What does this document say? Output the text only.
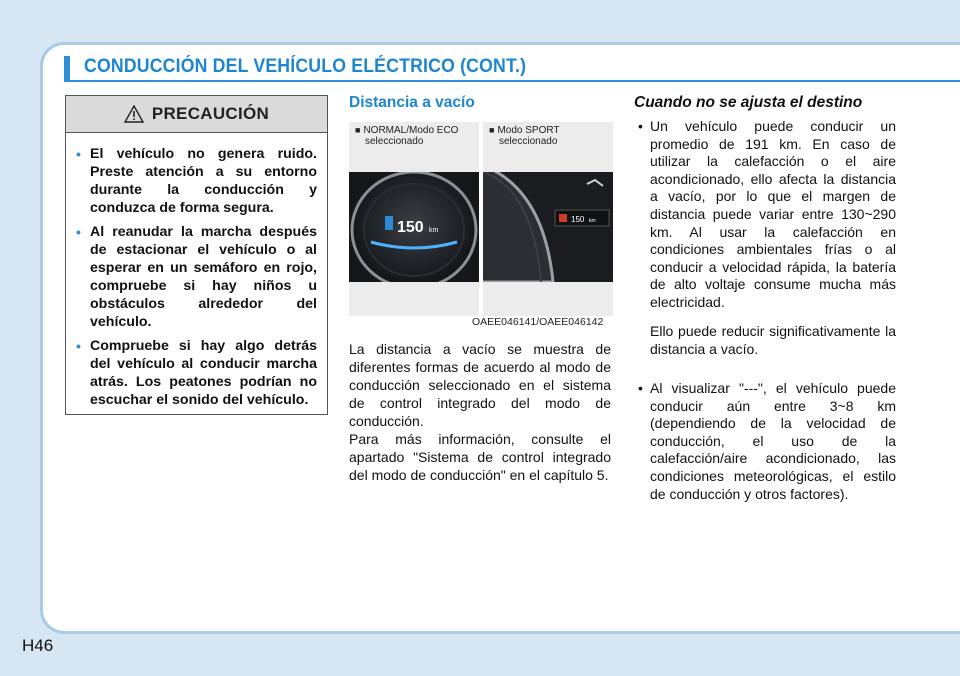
CONDUCCIÓN DEL VEHÍCULO ELÉCTRICO (CONT.)
PRECAUCIÓN
• El vehículo no genera ruido. Preste atención a su entorno durante la conducción y conduzca de forma segura.
• Al reanudar la marcha después de estacionar el vehículo o al esperar en un semáforo en rojo, compruebe si hay niños u obstáculos alrededor del vehículo.
• Compruebe si hay algo detrás del vehículo al conducir marcha atrás. Los peatones podrían no escuchar el sonido del vehículo.
Distancia a vacío
■ NORMAL/Modo ECO
seleccionado
150 km
■ Modo SPORT
seleccionado
150 km
OAEE046141/OAEE046142
La distancia a vacío se muestra de diferentes formas de acuerdo al modo de conducción seleccionado en el sistema de control integrado del modo de conducción.
Para más información, consulte el apartado "Sistema de control integrado del modo de conducción" en el capítulo 5.
Cuando no se ajusta el destino
• Un vehículo puede conducir un promedio de 191 km. En caso de utilizar la calefacción o el aire acondicionado, ello afecta la distancia a vacío, por lo que el margen de distancia puede variar entre 130~290 km. Al usar la calefacción en condiciones ambientales frías o al conducir a velocidad rápida, la batería de alto voltaje consume mucha más electricidad.
Ello puede reducir significativamente la distancia a vacío.
• Al visualizar "---", el vehículo puede conducir aún entre 3~8 km (dependiendo de la velocidad de conducción, el uso de la calefacción/aire acondicionado, las condiciones meteorológicas, el estilo de conducción y otros factores).
H46
